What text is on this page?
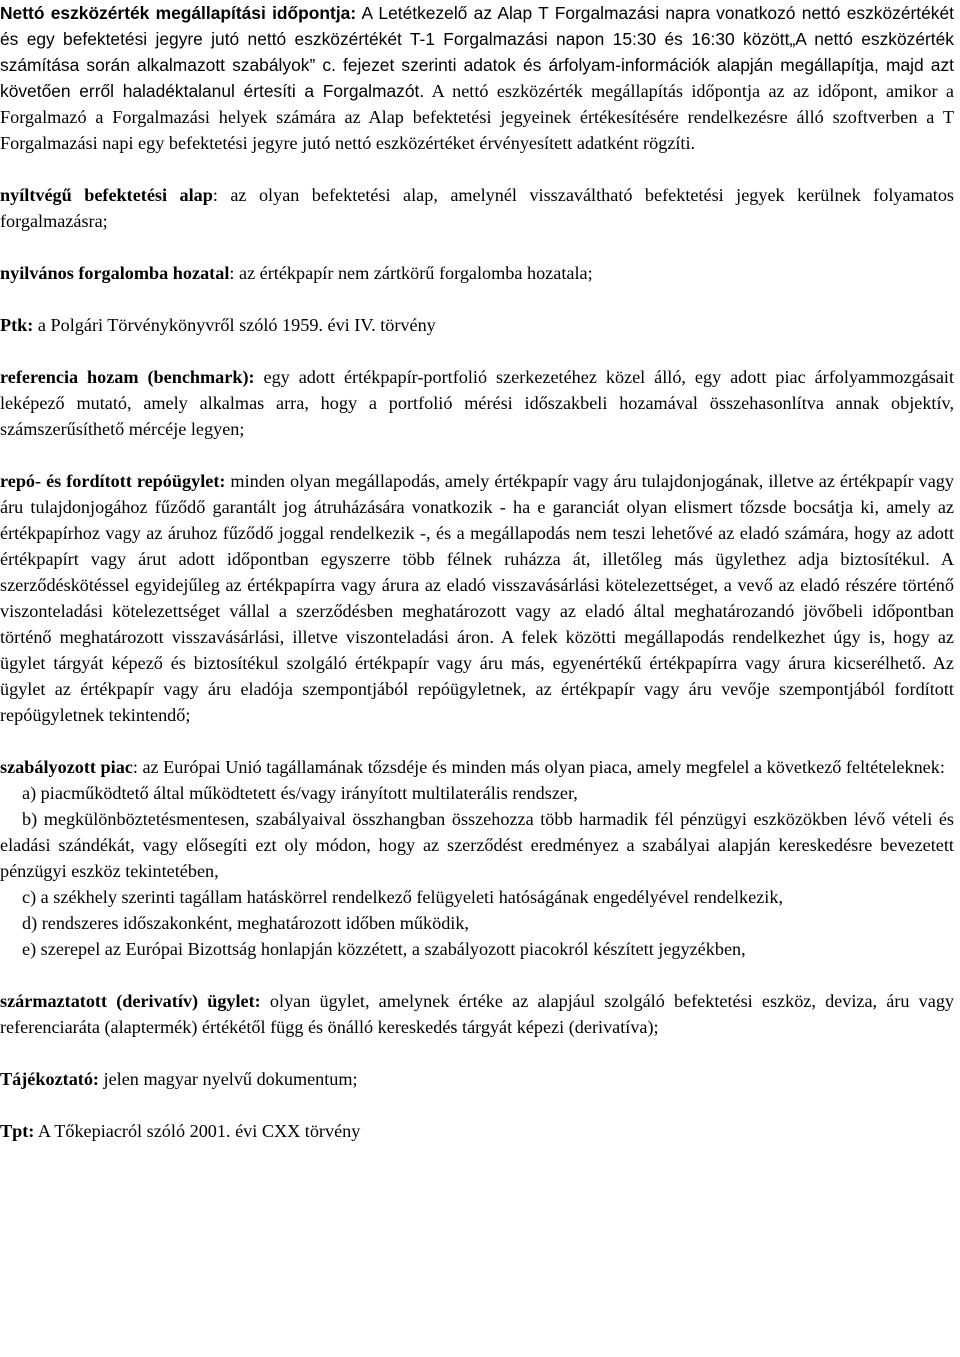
Nettó eszközérték megállapítási időpontja: A Letétkezelő az Alap T Forgalmazási napra vonatkozó nettó eszközértékét és egy befektetési jegyre jutó nettó eszközértékét T-1 Forgalmazási napon 15:30 és 16:30 között„A nettó eszközérték számítása során alkalmazott szabályok” c. fejezet szerinti adatok és árfolyam-információk alapján megállapítja, majd azt követően erről haladéktalanul értesíti a Forgalmazót. A nettó eszközérték megállapítás időpontja az az időpont, amikor a Forgalmazó a Forgalmazási helyek számára az Alap befektetési jegyeinek értékesítésére rendelkezésre álló szoftverben a T Forgalmazási napi egy befektetési jegyre jutó nettó eszközértéket érvényesített adatként rögzíti.

nyíltvégű befektetési alap: az olyan befektetési alap, amelynél visszaváltható befektetési jegyek kerülnek folyamatos forgalmazásra;

nyilvános forgalomba hozatal: az értékpapír nem zártkörű forgalomba hozatala;

Ptk: a Polgári Törvénykönyvről szóló 1959. évi IV. törvény

referencia hozam (benchmark): egy adott értékpapír-portfolió szerkezetéhez közel álló, egy adott piac árfolyammozgásait leképező mutató, amely alkalmas arra, hogy a portfolió mérési időszakbeli hozamával összehasonlítva annak objektív, számszerűsíthető mércéje legyen;

repó- és fordított repóügylet: minden olyan megállapodás, amely értékpapír vagy áru tulajdonjogának, illetve az értékpapír vagy áru tulajdonjogához fűződő garantált jog átruházására vonatkozik - ha e garanciát olyan elismert tőzsde bocsátja ki, amely az értékpapírhoz vagy az áruhoz fűződő joggal rendelkezik -, és a megállapodás nem teszi lehetővé az eladó számára, hogy az adott értékpapírt vagy árut adott időpontban egyszerre több félnek ruházza át, illetőleg más ügylethez adja biztosítékul. A szerződéskötéssel egyidejűleg az értékpapírra vagy árura az eladó visszavásárlási kötelezettséget, a vevő az eladó részére történő viszonteladási kötelezettséget vállal a szerződésben meghatározott vagy az eladó által meghatározandó jövőbeli időpontban történő meghatározott visszavásárlási, illetve viszonteladási áron. A felek közötti megállapodás rendelkezhet úgy is, hogy az ügylet tárgyát képező és biztosítékul szolgáló értékpapír vagy áru más, egyenértékű értékpapírra vagy árura kicserélhető. Az ügylet az értékpapír vagy áru eladója szempontjából repóügyletnek, az értékpapír vagy áru vevője szempontjából fordított repóügyletnek tekintendő;

szabályozott piac: az Európai Unió tagállamának tőzsdéje és minden más olyan piaca, amely megfelel a következő feltételeknek:

a) piacműködtető által működtetett és/vagy irányított multilaterális rendszer,

b) megkülönböztetésmentesen, szabályaival összhangban összehozza több harmadik fél pénzügyi eszközökben lévő vételi és eladási szándékát, vagy elősegíti ezt oly módon, hogy az szerződést eredményez a szabályai alapján kereskedésre bevezetett pénzügyi eszköz tekintetében,

c) a székhely szerinti tagállam hatáskörrel rendelkező felügyeleti hatóságának engedélyével rendelkezik,

d) rendszeres időszakonként, meghatározott időben működik,

e) szerepel az Európai Bizottság honlapján közzétett, a szabályozott piacokról készített jegyzékben,

származtatott (derivatív) ügylet: olyan ügylet, amelynek értéke az alapjául szolgáló befektetési eszköz, deviza, áru vagy referenciaráta (alaptermék) értékétől függ és önálló kereskedés tárgyát képezi (derivatíva);

Tájékoztató: jelen magyar nyelvű dokumentum;

Tpt: A Tőkepiacról szóló 2001. évi CXX törvény
